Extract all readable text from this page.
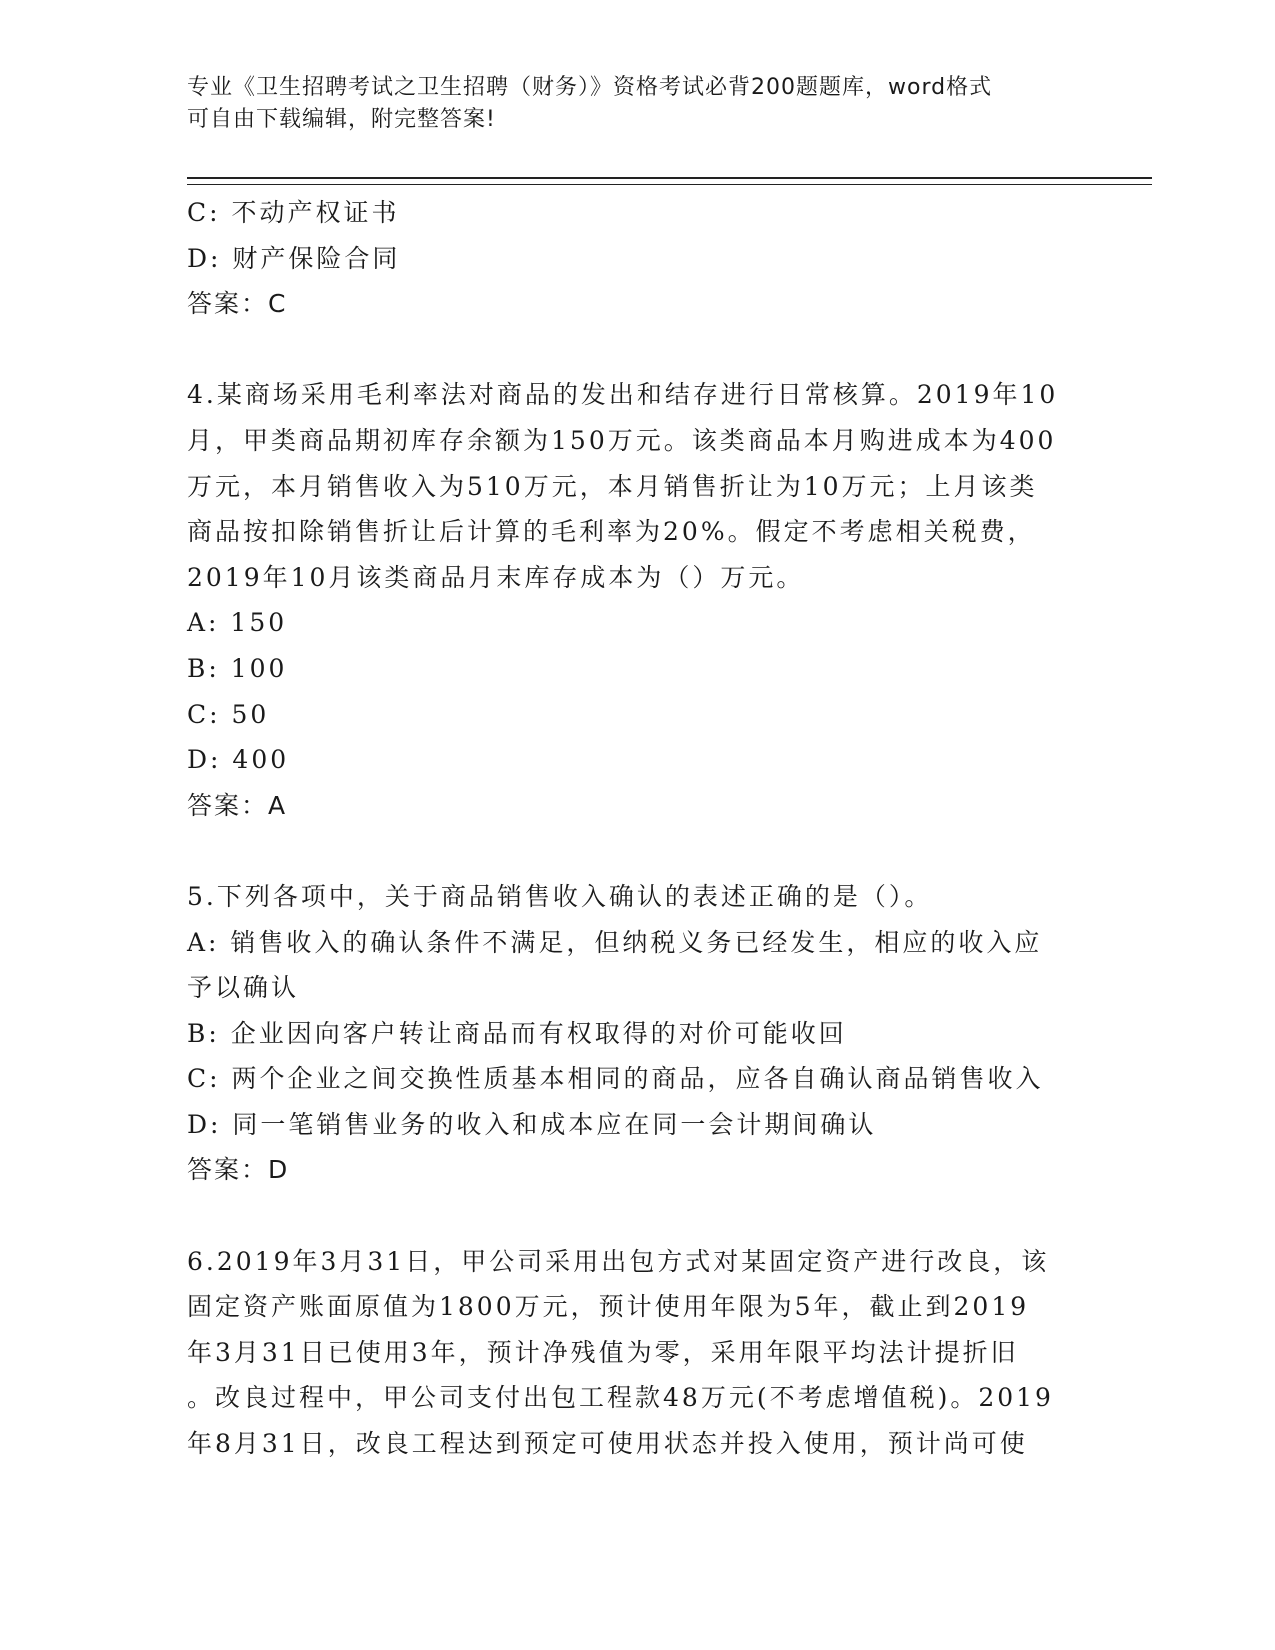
专业《卫生招聘考试之卫生招聘（财务）》资格考试必背200题题库，word格式
可自由下载编辑，附完整答案!
C: 不动产权证书
D: 财产保险合同
答案：C
4.某商场采用毛利率法对商品的发出和结存进行日常核算。2019年10
月，甲类商品期初库存余额为150万元。该类商品本月购进成本为400
万元，本月销售收入为510万元，本月销售折让为10万元；上月该类
商品按扣除销售折让后计算的毛利率为20%。假定不考虑相关税费，
2019年10月该类商品月末库存成本为（）万元。
A: 150
B: 100
C: 50
D: 400
答案：A
5.下列各项中，关于商品销售收入确认的表述正确的是（）。
A: 销售收入的确认条件不满足，但纳税义务已经发生，相应的收入应
予以确认
B: 企业因向客户转让商品而有权取得的对价可能收回
C: 两个企业之间交换性质基本相同的商品，应各自确认商品销售收入
D: 同一笔销售业务的收入和成本应在同一会计期间确认
答案：D
6.2019年3月31日，甲公司采用出包方式对某固定资产进行改良，该
固定资产账面原值为1800万元，预计使用年限为5年，截止到2019
年3月31日已使用3年，预计净残值为零，采用年限平均法计提折旧
。改良过程中，甲公司支付出包工程款48万元(不考虑增值税)。2019
年8月31日，改良工程达到预定可使用状态并投入使用，预计尚可使
